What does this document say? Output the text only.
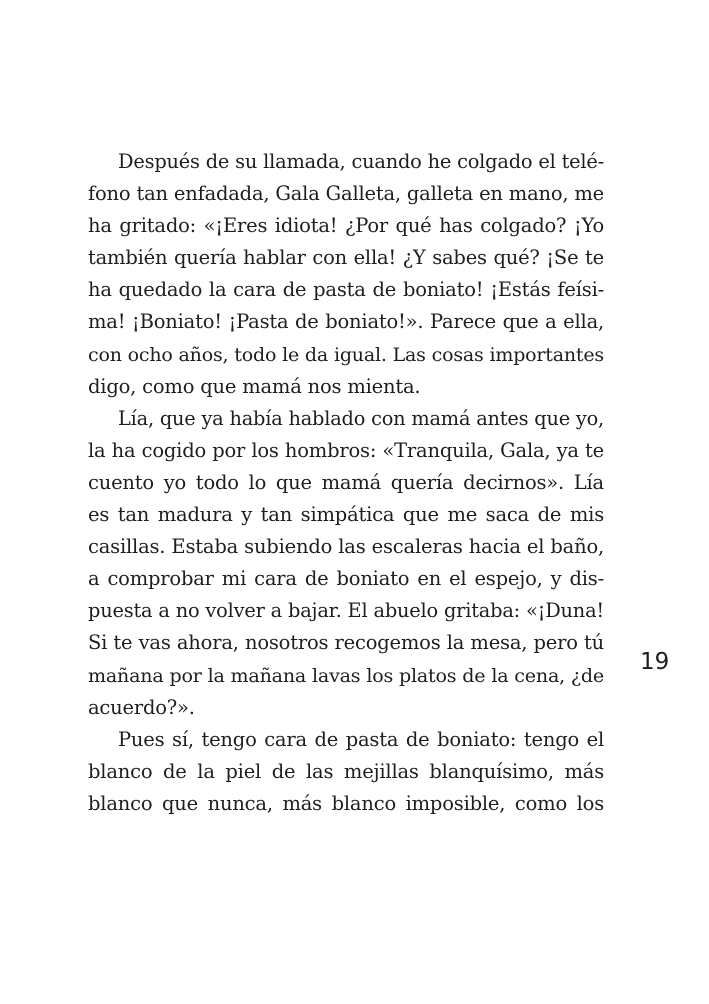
Después de su llamada, cuando he colgado el telé-
fono tan enfadada, Gala Galleta, galleta en mano, me
ha gritado: «¡Eres idiota! ¿Por qué has colgado? ¡Yo
también quería hablar con ella! ¿Y sabes qué? ¡Se te
ha quedado la cara de pasta de boniato! ¡Estás feísi-
ma! ¡Boniato! ¡Pasta de boniato!». Parece que a ella,
con ocho años, todo le da igual. Las cosas importantes
digo, como que mamá nos mienta.
Lía, que ya había hablado con mamá antes que yo,
la ha cogido por los hombros: «Tranquila, Gala, ya te
cuento yo todo lo que mamá quería decirnos». Lía
es tan madura y tan simpática que me saca de mis
casillas. Estaba subiendo las escaleras hacia el baño,
a comprobar mi cara de boniato en el espejo, y dis-
puesta a no volver a bajar. El abuelo gritaba: «¡Duna!
Si te vas ahora, nosotros recogemos la mesa, pero tú
mañana por la mañana lavas los platos de la cena, ¿de
acuerdo?».
Pues sí, tengo cara de pasta de boniato: tengo el
blanco de la piel de las mejillas blanquísimo, más
blanco que nunca, más blanco imposible, como los
19
